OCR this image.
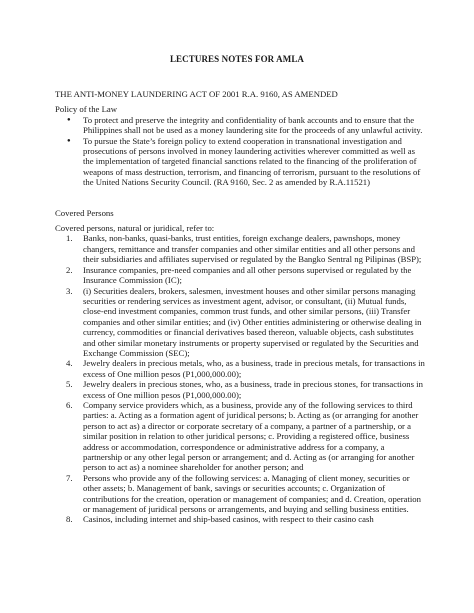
LECTURES NOTES FOR AMLA

THE ANTI-MONEY LAUNDERING ACT OF 2001 R.A. 9160, AS AMENDED

Policy of the Law

● To protect and preserve the integrity and confidentiality of bank accounts and to ensure that the Philippines shall not be used as a money laundering site for the proceeds of any unlawful activity.
● To pursue the State’s foreign policy to extend cooperation in transnational investigation and prosecutions of persons involved in money laundering activities wherever committed as well as the implementation of targeted financial sanctions related to the financing of the proliferation of weapons of mass destruction, terrorism, and financing of terrorism, pursuant to the resolutions of the United Nations Security Council. (RA 9160, Sec. 2 as amended by R.A.11521)

Covered Persons

Covered persons, natural or juridical, refer to:

1. Banks, non-banks, quasi-banks, trust entities, foreign exchange dealers, pawnshops, money changers, remittance and transfer companies and other similar entities and all other persons and their subsidiaries and affiliates supervised or regulated by the Bangko Sentral ng Pilipinas (BSP);
2. Insurance companies, pre-need companies and all other persons supervised or regulated by the Insurance Commission (IC);
3. (i) Securities dealers, brokers, salesmen, investment houses and other similar persons managing securities or rendering services as investment agent, advisor, or consultant, (ii) Mutual funds, close-end investment companies, common trust funds, and other similar persons, (iii) Transfer companies and other similar entities; and (iv) Other entities administering or otherwise dealing in currency, commodities or financial derivatives based thereon, valuable objects, cash substitutes and other similar monetary instruments or property supervised or regulated by the Securities and Exchange Commission (SEC);
4. Jewelry dealers in precious metals, who, as a business, trade in precious metals, for transactions in excess of One million pesos (P1,000,000.00);
5. Jewelry dealers in precious stones, who, as a business, trade in precious stones, for transactions in excess of One million pesos (P1,000,000.00);
6. Company service providers which, as a business, provide any of the following services to third parties: a. Acting as a formation agent of juridical persons; b. Acting as (or arranging for another person to act as) a director or corporate secretary of a company, a partner of a partnership, or a similar position in relation to other juridical persons; c. Providing a registered office, business address or accommodation, correspondence or administrative address for a company, a partnership or any other legal person or arrangement; and d. Acting as (or arranging for another person to act as) a nominee shareholder for another person; and
7. Persons who provide any of the following services: a. Managing of client money, securities or other assets; b. Management of bank, savings or securities accounts; c. Organization of contributions for the creation, operation or management of companies; and d. Creation, operation or management of juridical persons or arrangements, and buying and selling business entities.
8. Casinos, including internet and ship-based casinos, with respect to their casino cash
